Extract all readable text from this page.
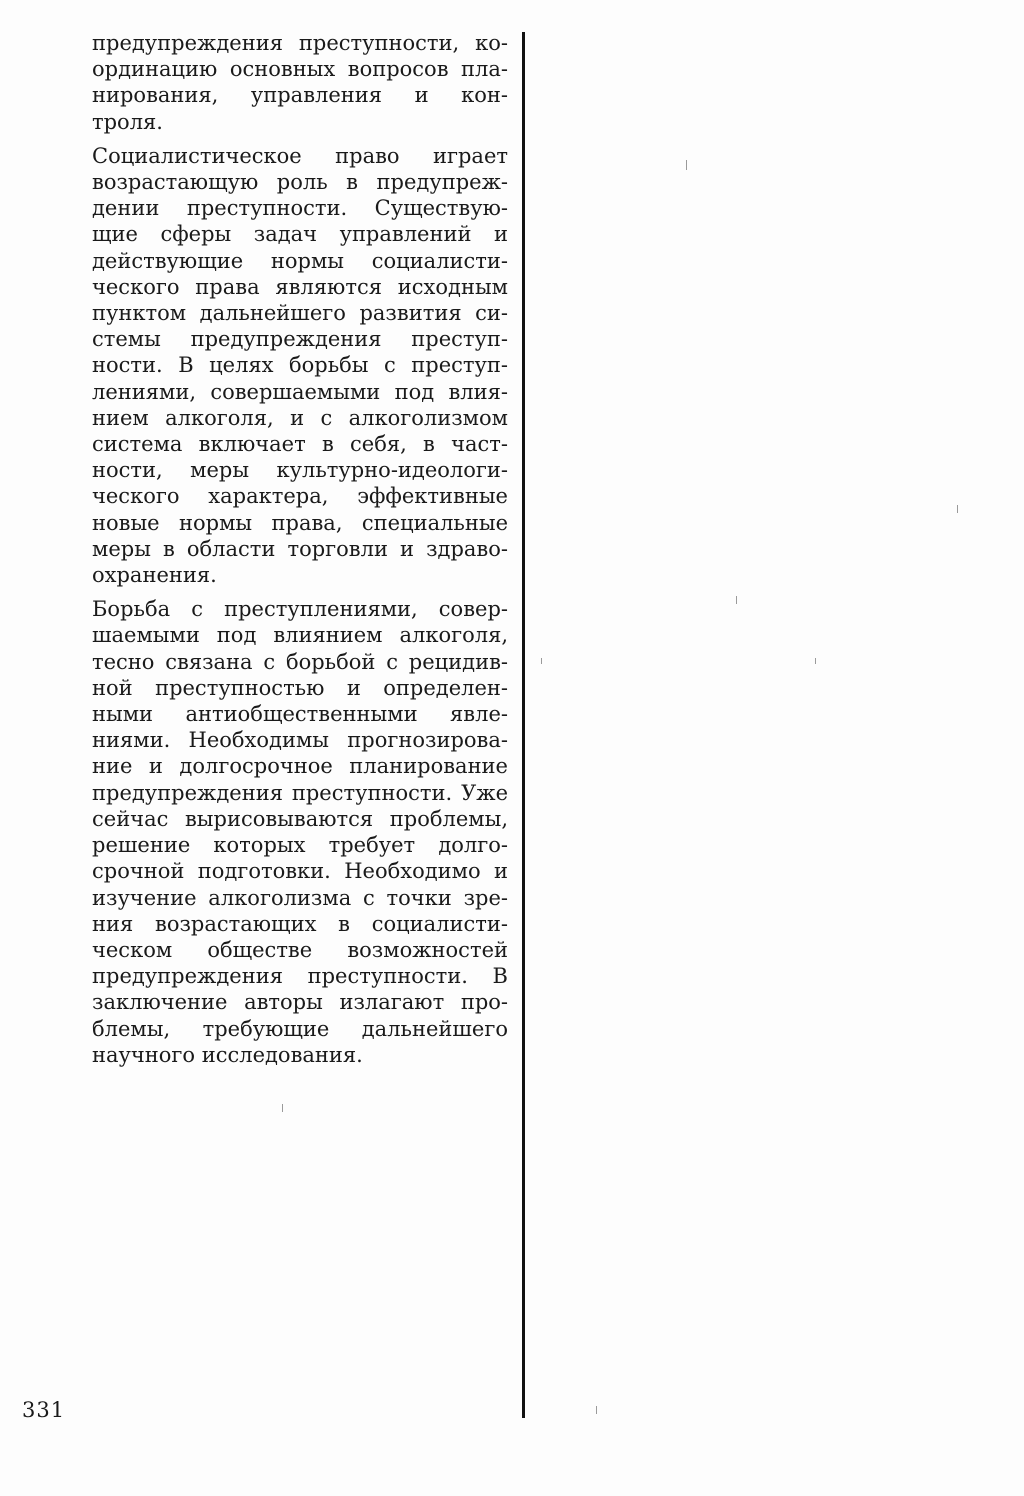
предупреждения преступности, ко-
ординацию основных вопросов пла-
нирования, управления и кон-
троля.
Социалистическое право играет
возрастающую роль в предупреж-
дении преступности. Существую-
щие сферы задач управлений и
действующие нормы социалисти-
ческого права являются исходным
пунктом дальнейшего развития си-
стемы предупреждения преступ-
ности. В целях борьбы с преступ-
лениями, совершаемыми под влия-
нием алкоголя, и с алкоголизмом
система включает в себя, в част-
ности, меры культурно-идеологи-
ческого характера, эффективные
новые нормы права, специальные
меры в области торговли и здраво-
охранения.
Борьба с преступлениями, совер-
шаемыми под влиянием алкоголя,
тесно связана с борьбой с рецидив-
ной преступностью и определен-
ными антиобщественными явле-
ниями. Необходимы прогнозирова-
ние и долгосрочное планирование
предупреждения преступности. Уже
сейчас вырисовываются проблемы,
решение которых требует долго-
срочной подготовки. Необходимо и
изучение алкоголизма с точки зре-
ния возрастающих в социалисти-
ческом обществе возможностей
предупреждения преступности. В
заключение авторы излагают про-
блемы, требующие дальнейшего
научного исследования.
331
